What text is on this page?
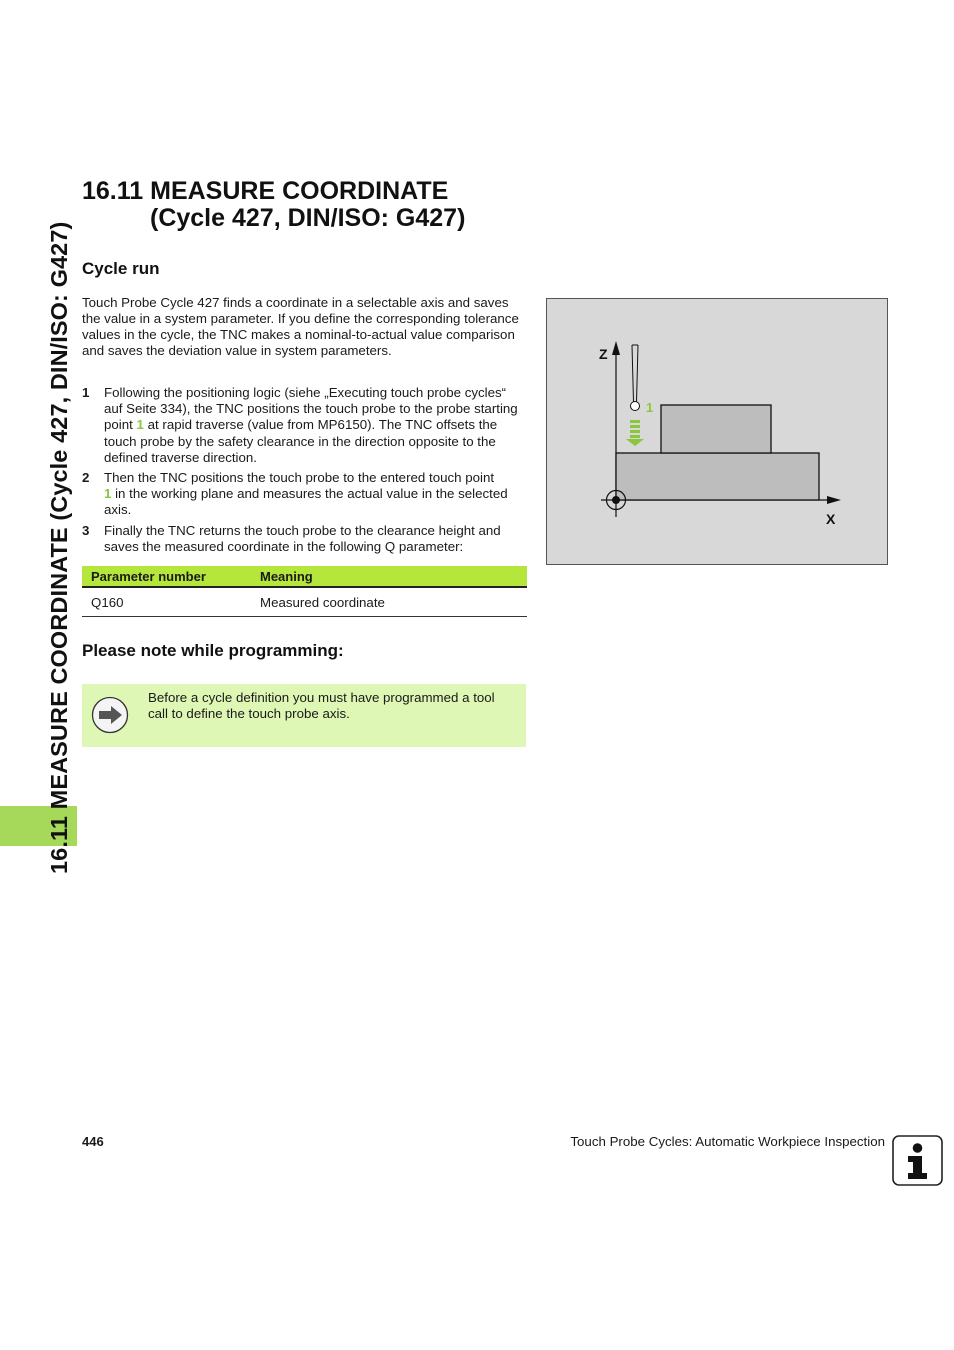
16.11 MEASURE COORDINATE (Cycle 427, DIN/ISO: G427)
16.11 MEASURE COORDINATE
(Cycle 427, DIN/ISO: G427)
Cycle run

Touch Probe Cycle 427 finds a coordinate in a selectable axis and saves the value in a system parameter. If you define the corresponding tolerance values in the cycle, the TNC makes a nominal-to-actual value comparison and saves the deviation value in system parameters.

1 Following the positioning logic (siehe „Executing touch probe cycles“ auf Seite 334), the TNC positions the touch probe to the probe starting point 1 at rapid traverse (value from MP6150). The TNC offsets the touch probe by the safety clearance in the direction opposite to the defined traverse direction.
2 Then the TNC positions the touch probe to the entered touch point
1 in the working plane and measures the actual value in the selected axis.
3 Finally the TNC returns the touch probe to the clearance height and saves the measured coordinate in the following Q parameter:
Parameter number	Meaning
Q160	Measured coordinate
Please note while programming:

Before a cycle definition you must have programmed a tool call to define the touch probe axis.

Z
X
1
446	Touch Probe Cycles: Automatic Workpiece Inspection
